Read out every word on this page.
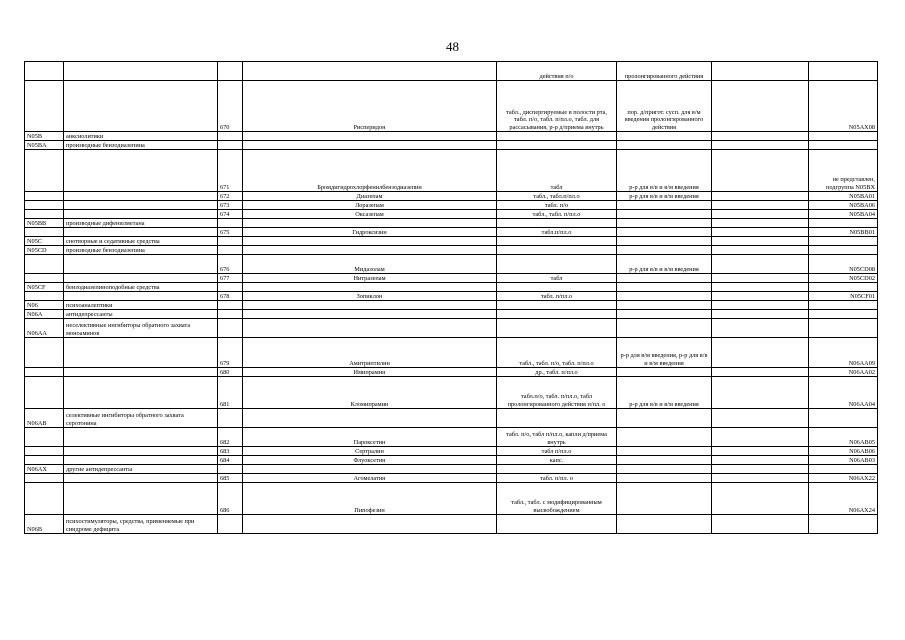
48
				действия п/о	пролонгированного действия		
		670	Рисперидон	табл., диспергируемые в полости рта, табл. п/о, табл. п/пл.о, табл. для рассасывания, р-р д/приема внутрь	пор. д/пригот. сусп. для в/м введения пролонгированного действия		N05AX08
N05B	анксиолитики						
N05BA	производные бензодиазепина						
		671	Бромдигидрохлорфенилбензодиазепин	табл	р-р для в/в и в/м введения		не представлен, подгруппа N05BX
		672	Диазепам	табл., табл.п/пл.о	р-р для в/в и в/м введения		N05BA01
		673	Лоразепам	табл. п/о			N05BA06
		674	Оксазепам	табл., табл. п/пл.о			N05BA04
N05BB	производные дифенилметана						
		675	Гидроксизин	табл.п/пл.о			N05BB01
N05C	снотворные и седативные средства						
N05CD	производные бензодиазепина						
		676	Мидазолам		р-р для в/в и в/м введения		N05CD08
		677	Нитразепам	табл			N05CD02
N05CF	бензодиазепиноподобные средства						
		678	Зопиклон	табл. п/пл.о			N05CF01
N06	психоаналептики						
N06A	антидепрессанты						
N06AA	неселективные ингибиторы обратного захвата моноаминов						
		679	Амитриптилин	табл., табл. п/о, табл. п/пл.о	р-р для в/м введения, р-р для в/в и в/м введения		N06AA09
		680	Имипрамин	др., табл. п/пл.о			N06AA02
		681	Кломипрамин	табл.п/о, табл. п/пл.о, табл пролонгированного действия п/пл. о	р-р для в/в и в/м введения		N06AA04
N06AB	селективные ингибиторы обратного захвата серотонина						
		682	Пароксетин	табл. п/о, табл п/пл.о, капли д/приема внутрь			N06AB05
		683	Сертралин	табл п/пл.о			N06AB06
		684	Флуоксетин	капс.			N06AB03
N06AX	другие антидепрессанты						
		685	Агомелатин	табл. п/пл. о			N06AX22
		686	Пипофезин	табл., табл. с модифицированным высвобождением			N06AX24
N06B	психостимуляторы, средства, применяемые при синдроме дефицита						
